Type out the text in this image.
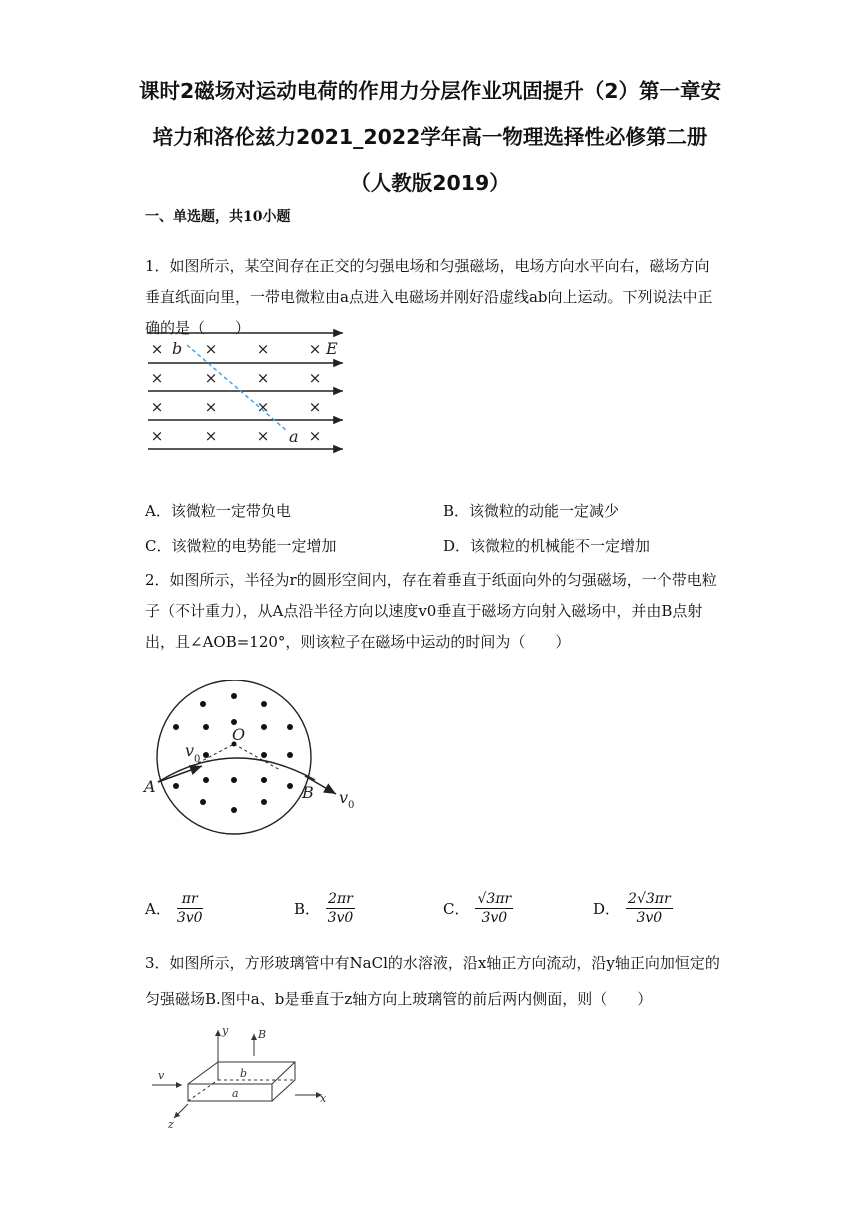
课时2磁场对运动电荷的作用力分层作业巩固提升（2）第一章安培力和洛伦兹力2021_2022学年高一物理选择性必修第二册（人教版2019）
一、单选题，共10小题
1．如图所示，某空间存在正交的匀强电场和匀强磁场，电场方向水平向右，磁场方向垂直纸面向里，一带电微粒由a点进入电磁场并刚好沿虚线ab向上运动。下列说法中正确的是（　　）
×	×	×	×
×	×	×	×
×	×	×	×
×	×	×	×
b
a
E
A．该微粒一定带负电	B．该微粒的动能一定减少
C．该微粒的电势能一定增加	D．该微粒的机械能不一定增加
2．如图所示，半径为r的圆形空间内，存在着垂直于纸面向外的匀强磁场，一个带电粒子（不计重力），从A点沿半径方向以速度v0垂直于磁场方向射入磁场中，并由B点射出，且∠AOB=120°，则该粒子在磁场中运动的时间为（　　）
O
A	B
v
v
0
0
A． $\frac{\pi r}{3v0}$	B． $\frac{2\pi r}{3v0}$	C． $\frac{√3\pi r}{3v0}$	D． $\frac{2√3\pi r}{3v0}$
3．如图所示，方形玻璃管中有NaCl的水溶液，沿x轴正方向流动，沿y轴正向加恒定的匀强磁场B.图中a、b是垂直于z轴方向上玻璃管的前后两内侧面，则（　　）
y	B
v	b
a	x
z
